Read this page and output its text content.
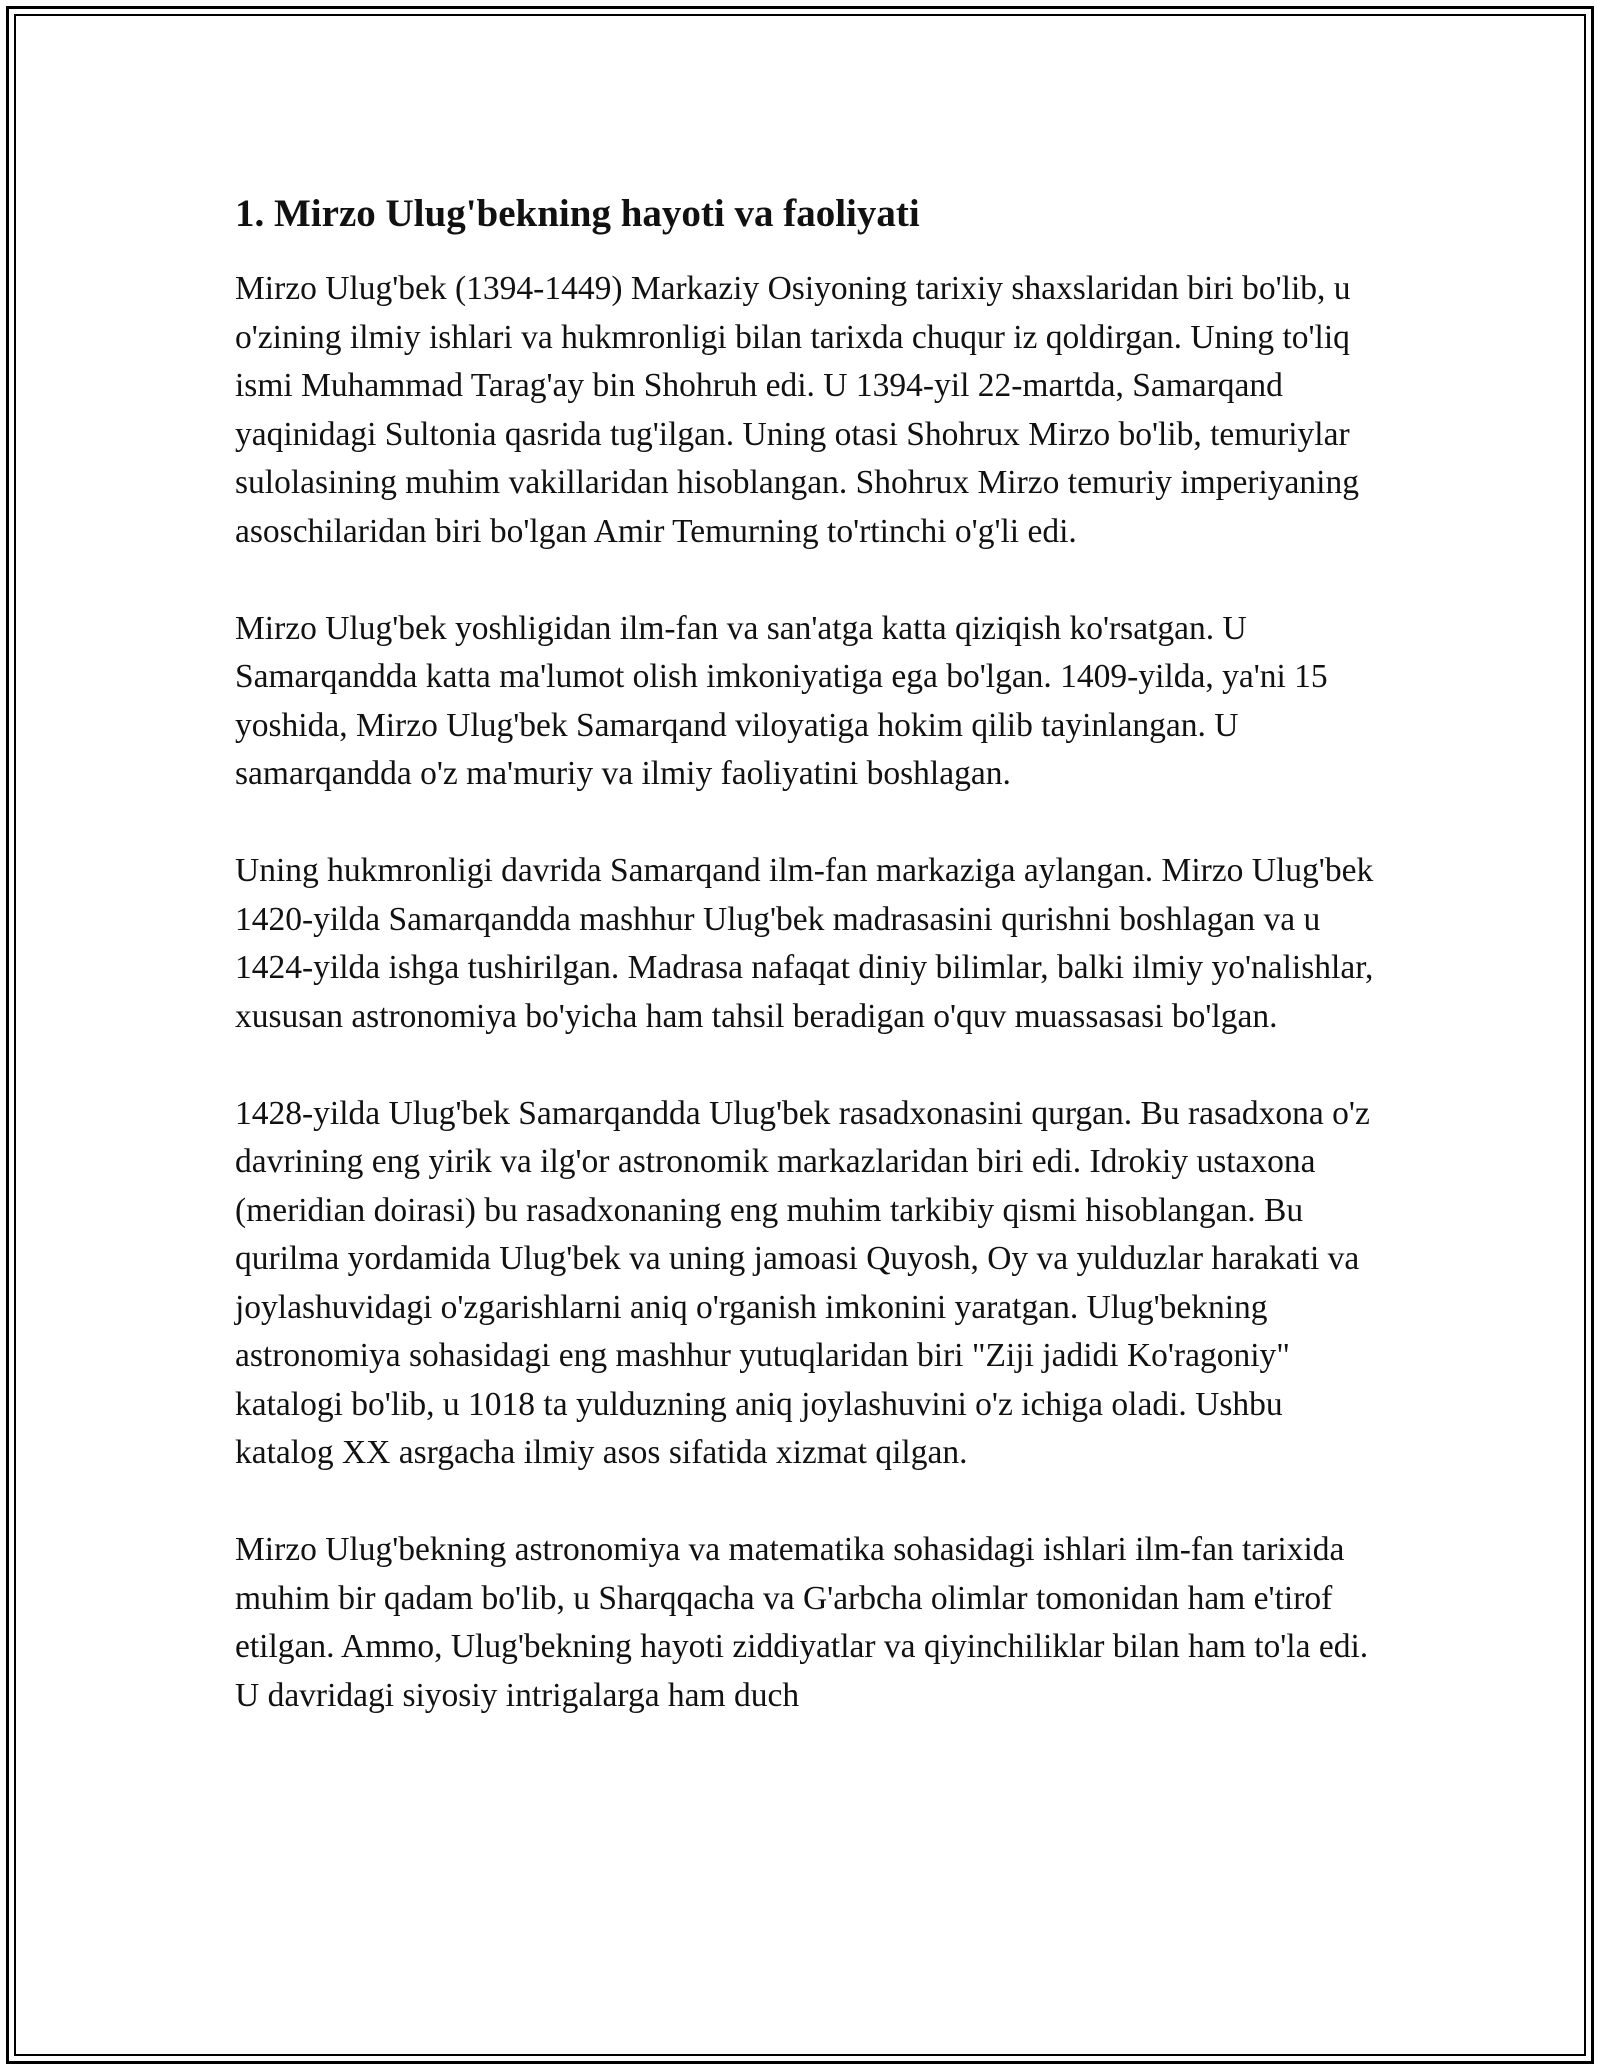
1. Mirzo Ulug'bekning hayoti va faoliyati

Mirzo Ulug'bek (1394-1449) Markaziy Osiyoning tarixiy shaxslaridan biri bo'lib, u o'zining ilmiy ishlari va hukmronligi bilan tarixda chuqur iz qoldirgan. Uning to'liq ismi Muhammad Tarag'ay bin Shohruh edi. U 1394-yil 22-martda, Samarqand yaqinidagi Sultonia qasrida tug'ilgan. Uning otasi Shohrux Mirzo bo'lib, temuriylar sulolasining muhim vakillaridan hisoblangan. Shohrux Mirzo temuriy imperiyaning asoschilaridan biri bo'lgan Amir Temurning to'rtinchi o'g'li edi.

Mirzo Ulug'bek yoshligidan ilm-fan va san'atga katta qiziqish ko'rsatgan. U Samarqandda katta ma'lumot olish imkoniyatiga ega bo'lgan. 1409-yilda, ya'ni 15 yoshida, Mirzo Ulug'bek Samarqand viloyatiga hokim qilib tayinlangan. U samarqandda o'z ma'muriy va ilmiy faoliyatini boshlagan.

Uning hukmronligi davrida Samarqand ilm-fan markaziga aylangan. Mirzo Ulug'bek 1420-yilda Samarqandda mashhur Ulug'bek madrasasini qurishni boshlagan va u 1424-yilda ishga tushirilgan. Madrasa nafaqat diniy bilimlar, balki ilmiy yo'nalishlar, xususan astronomiya bo'yicha ham tahsil beradigan o'quv muassasasi bo'lgan.

1428-yilda Ulug'bek Samarqandda Ulug'bek rasadxonasini qurgan. Bu rasadxona o'z davrining eng yirik va ilg'or astronomik markazlaridan biri edi. Idrokiy ustaxona (meridian doirasi) bu rasadxonaning eng muhim tarkibiy qismi hisoblangan. Bu qurilma yordamida Ulug'bek va uning jamoasi Quyosh, Oy va yulduzlar harakati va joylashuvidagi o'zgarishlarni aniq o'rganish imkonini yaratgan. Ulug'bekning astronomiya sohasidagi eng mashhur yutuqlaridan biri "Ziji jadidi Ko'ragoniy" katalogi bo'lib, u 1018 ta yulduzning aniq joylashuvini o'z ichiga oladi. Ushbu katalog XX asrgacha ilmiy asos sifatida xizmat qilgan.

Mirzo Ulug'bekning astronomiya va matematika sohasidagi ishlari ilm-fan tarixida muhim bir qadam bo'lib, u Sharqqacha va G'arbcha olimlar tomonidan ham e'tirof etilgan. Ammo, Ulug'bekning hayoti ziddiyatlar va qiyinchiliklar bilan ham to'la edi. U davridagi siyosiy intrigalarga ham duch
